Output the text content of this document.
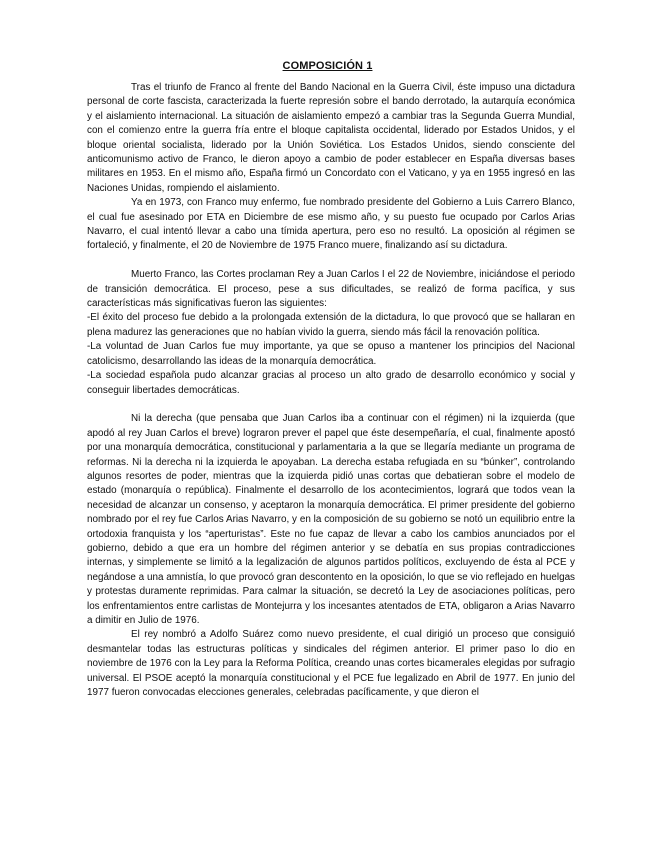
COMPOSICIÓN 1

Tras el triunfo de Franco al frente del Bando Nacional en la Guerra Civil, éste impuso una dictadura personal de corte fascista, caracterizada la fuerte represión sobre el bando derrotado, la autarquía económica y el aislamiento internacional. La situación de aislamiento empezó a cambiar tras la Segunda Guerra Mundial, con el comienzo entre la guerra fría entre el bloque capitalista occidental, liderado por Estados Unidos, y el bloque oriental socialista, liderado por la Unión Soviética. Los Estados Unidos, siendo consciente del anticomunismo activo de Franco, le dieron apoyo a cambio de poder establecer en España diversas bases militares en 1953. En el mismo año, España firmó un Concordato con el Vaticano, y ya en 1955 ingresó en las Naciones Unidas, rompiendo el aislamiento.

Ya en 1973, con Franco muy enfermo, fue nombrado presidente del Gobierno a Luis Carrero Blanco, el cual fue asesinado por ETA en Diciembre de ese mismo año, y su puesto fue ocupado por Carlos Arias Navarro, el cual intentó llevar a cabo una tímida apertura, pero eso no resultó. La oposición al régimen se fortaleció, y finalmente, el 20 de Noviembre de 1975 Franco muere, finalizando así su dictadura.

Muerto Franco, las Cortes proclaman Rey a Juan Carlos I el 22 de Noviembre, iniciándose el periodo de transición democrática. El proceso, pese a sus dificultades, se realizó de forma pacífica, y sus características más significativas fueron las siguientes:

-El éxito del proceso fue debido a la prolongada extensión de la dictadura, lo que provocó que se hallaran en plena madurez las generaciones que no habían vivido la guerra, siendo más fácil la renovación política.

-La voluntad de Juan Carlos fue muy importante, ya que se opuso a mantener los principios del Nacional catolicismo, desarrollando las ideas de la monarquía democrática.

-La sociedad española pudo alcanzar gracias al proceso un alto grado de desarrollo económico y social y conseguir libertades democráticas.

Ni la derecha (que pensaba que Juan Carlos iba a continuar con el régimen) ni la izquierda (que apodó al rey Juan Carlos el breve) lograron prever el papel que éste desempeñaría, el cual, finalmente apostó por una monarquía democrática, constitucional y parlamentaria a la que se llegaría mediante un programa de reformas. Ni la derecha ni la izquierda le apoyaban. La derecha estaba refugiada en su “búnker”, controlando algunos resortes de poder, mientras que la izquierda pidió unas cortas que debatieran sobre el modelo de estado (monarquía o república). Finalmente el desarrollo de los acontecimientos, logrará que todos vean la necesidad de alcanzar un consenso, y aceptaron la monarquía democrática. El primer presidente del gobierno nombrado por el rey fue Carlos Arias Navarro, y en la composición de su gobierno se notó un equilibrio entre la ortodoxia franquista y los “aperturistas”. Este no fue capaz de llevar a cabo los cambios anunciados por el gobierno, debido a que era un hombre del régimen anterior y se debatía en sus propias contradicciones internas, y simplemente se limitó a la legalización de algunos partidos políticos, excluyendo de ésta al PCE y negándose a una amnistía, lo que provocó gran descontento en la oposición, lo que se vio reflejado en huelgas y protestas duramente reprimidas. Para calmar la situación, se decretó la Ley de asociaciones políticas, pero los enfrentamientos entre carlistas de Montejurra y los incesantes atentados de ETA, obligaron a Arias Navarro a dimitir en Julio de 1976.

El rey nombró a Adolfo Suárez como nuevo presidente, el cual dirigió un proceso que consiguió desmantelar todas las estructuras políticas y sindicales del régimen anterior. El primer paso lo dio en noviembre de 1976 con la Ley para la Reforma Política, creando unas cortes bicamerales elegidas por sufragio universal. El PSOE aceptó la monarquía constitucional y el PCE fue legalizado en Abril de 1977. En junio del 1977 fueron convocadas elecciones generales, celebradas pacíficamente, y que dieron el
